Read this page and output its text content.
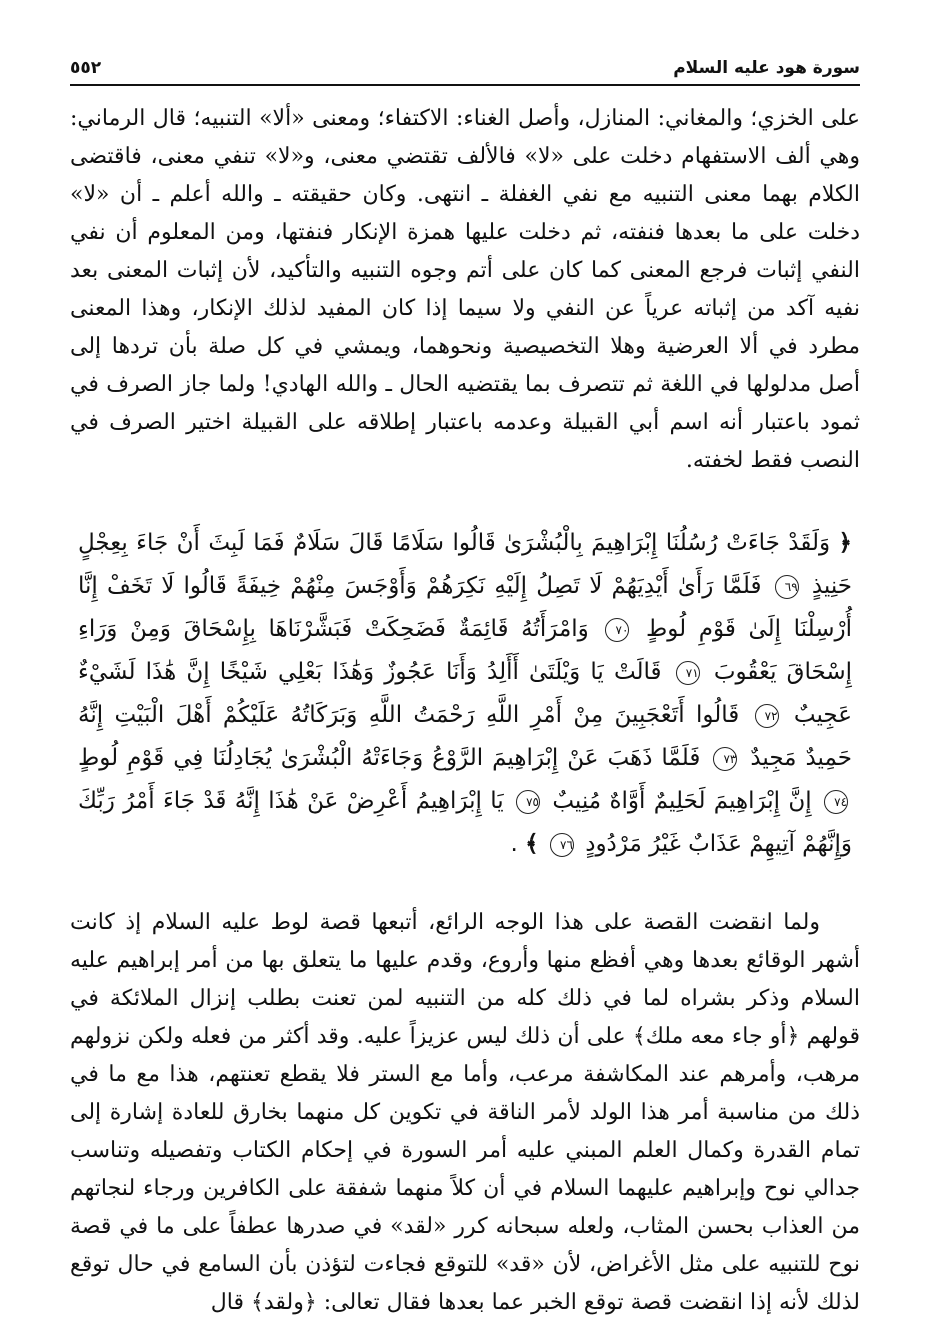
سورة هود عليه السلام
٥٥٢

على الخزي؛ والمغاني: المنازل، وأصل الغناء: الاكتفاء؛ ومعنى «ألا» التنبيه؛ قال الرماني: وهي ألف الاستفهام دخلت على «لا» فالألف تقتضي معنى، و«لا» تنفي معنى، فاقتضى الكلام بهما معنى التنبيه مع نفي الغفلة ـ انتهى. وكان حقيقته ـ والله أعلم ـ أن «لا» دخلت على ما بعدها فنفته، ثم دخلت عليها همزة الإنكار فنفتها، ومن المعلوم أن نفي النفي إثبات فرجع المعنى كما كان على أتم وجوه التنبيه والتأكيد، لأن إثبات المعنى بعد نفيه آكد من إثباته عرياً عن النفي ولا سيما إذا كان المفيد لذلك الإنكار، وهذا المعنى مطرد في ألا العرضية وهلا التخصيصية ونحوهما، ويمشي في كل صلة بأن تردها إلى أصل مدلولها في اللغة ثم تتصرف بما يقتضيه الحال ـ والله الهادي! ولما جاز الصرف في ثمود باعتبار أنه اسم أبي القبيلة وعدمه باعتبار إطلاقه على القبيلة اختير الصرف في النصب فقط لخفته.

﴿ وَلَقَدْ جَاءَتْ رُسُلُنَا إِبْرَاهِيمَ بِالْبُشْرَىٰ قَالُوا سَلَامًا قَالَ سَلَامٌ فَمَا لَبِثَ أَنْ جَاءَ بِعِجْلٍ حَنِيذٍ ٦٩ فَلَمَّا رَأَىٰ أَيْدِيَهُمْ لَا تَصِلُ إِلَيْهِ نَكِرَهُمْ وَأَوْجَسَ مِنْهُمْ خِيفَةً قَالُوا لَا تَخَفْ إِنَّا أُرْسِلْنَا إِلَىٰ قَوْمِ لُوطٍ ٧٠ وَامْرَأَتُهُ قَائِمَةٌ فَضَحِكَتْ فَبَشَّرْنَاهَا بِإِسْحَاقَ وَمِنْ وَرَاءِ إِسْحَاقَ يَعْقُوبَ ٧١ قَالَتْ يَا وَيْلَتَىٰ أَأَلِدُ وَأَنَا عَجُوزٌ وَهَٰذَا بَعْلِي شَيْخًا إِنَّ هَٰذَا لَشَيْءٌ عَجِيبٌ ٧٢ قَالُوا أَتَعْجَبِينَ مِنْ أَمْرِ اللَّهِ رَحْمَتُ اللَّهِ وَبَرَكَاتُهُ عَلَيْكُمْ أَهْلَ الْبَيْتِ إِنَّهُ حَمِيدٌ مَجِيدٌ ٧٣ فَلَمَّا ذَهَبَ عَنْ إِبْرَاهِيمَ الرَّوْعُ وَجَاءَتْهُ الْبُشْرَىٰ يُجَادِلُنَا فِي قَوْمِ لُوطٍ ٧٤ إِنَّ إِبْرَاهِيمَ لَحَلِيمٌ أَوَّاهٌ مُنِيبٌ ٧٥ يَا إِبْرَاهِيمُ أَعْرِضْ عَنْ هَٰذَا إِنَّهُ قَدْ جَاءَ أَمْرُ رَبِّكَ وَإِنَّهُمْ آتِيهِمْ عَذَابٌ غَيْرُ مَرْدُودٍ ٧٦ ﴾ .

ولما انقضت القصة على هذا الوجه الرائع، أتبعها قصة لوط عليه السلام إذ كانت أشهر الوقائع بعدها وهي أفظع منها وأروع، وقدم عليها ما يتعلق بها من أمر إبراهيم عليه السلام وذكر بشراه لما في ذلك كله من التنبيه لمن تعنت بطلب إنزال الملائكة في قولهم ﴿أو جاء معه ملك﴾ على أن ذلك ليس عزيزاً عليه. وقد أكثر من فعله ولكن نزولهم مرهب، وأمرهم عند المكاشفة مرعب، وأما مع الستر فلا يقطع تعنتهم، هذا مع ما في ذلك من مناسبة أمر هذا الولد لأمر الناقة في تكوين كل منهما بخارق للعادة إشارة إلى تمام القدرة وكمال العلم المبني عليه أمر السورة في إحكام الكتاب وتفصيله وتناسب جدالي نوح وإبراهيم عليهما السلام في أن كلاً منهما شفقة على الكافرين ورجاء لنجاتهم من العذاب بحسن المثاب، ولعله سبحانه كرر «لقد» في صدرها عطفاً على ما في قصة نوح للتنبيه على مثل الأغراض، لأن «قد» للتوقع فجاءت لتؤذن بأن السامع في حال توقع لذلك لأنه إذا انقضت قصة توقع الخبر عما بعدها فقال تعالى: ﴿ولقد﴾ قال
